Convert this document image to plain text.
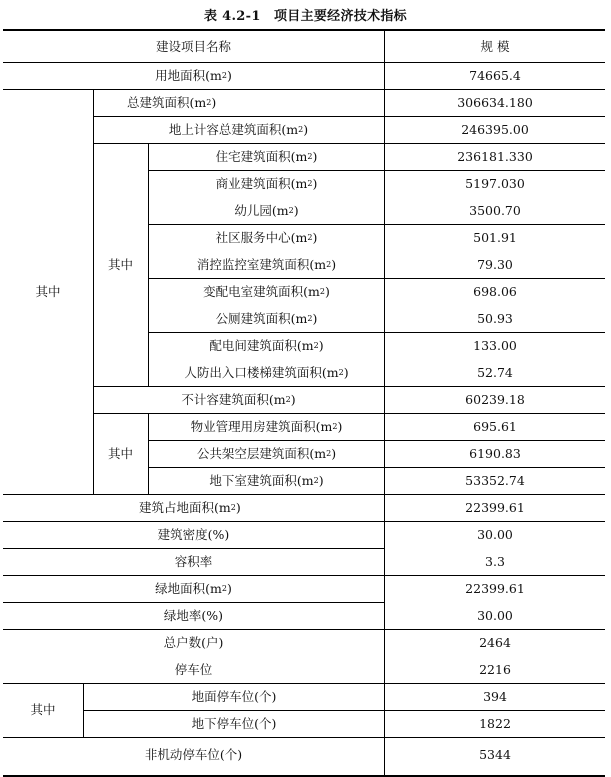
表 4.2-1　项目主要经济技术指标
建设项目名称	规 模
用地面积(m 2 )	74665.4
其中
总建筑面积(m 2 )	306634.180
地上计容总建筑面积(m 2 )	246395.00
其中
住宅建筑面积(m 2 )	236181.330
商业建筑面积(m 2 )	5197.030
幼儿园(m 2 )	3500.70
社区服务中心(m 2 )	501.91
消控监控室建筑面积(m 2 )	79.30
变配电室建筑面积(m 2 )	698.06
公厕建筑面积(m 2 )	50.93
配电间建筑面积(m 2 )	133.00
人防出入口楼梯建筑面积(m 2 )	52.74
不计容建筑面积(m 2 )	60239.18
其中
物业管理用房建筑面积(m 2 )	695.61
公共架空层建筑面积(m 2 )	6190.83
地下室建筑面积(m 2 )	53352.74
建筑占地面积(m 2 )	22399.61
建筑密度(%)	30.00
容积率	3.3
绿地面积(m 2 )	22399.61
绿地率(%)	30.00
总户数(户)	2464
停车位	2216
其中
地面停车位(个)	394
地下停车位(个)	1822
非机动停车位(个)	5344
